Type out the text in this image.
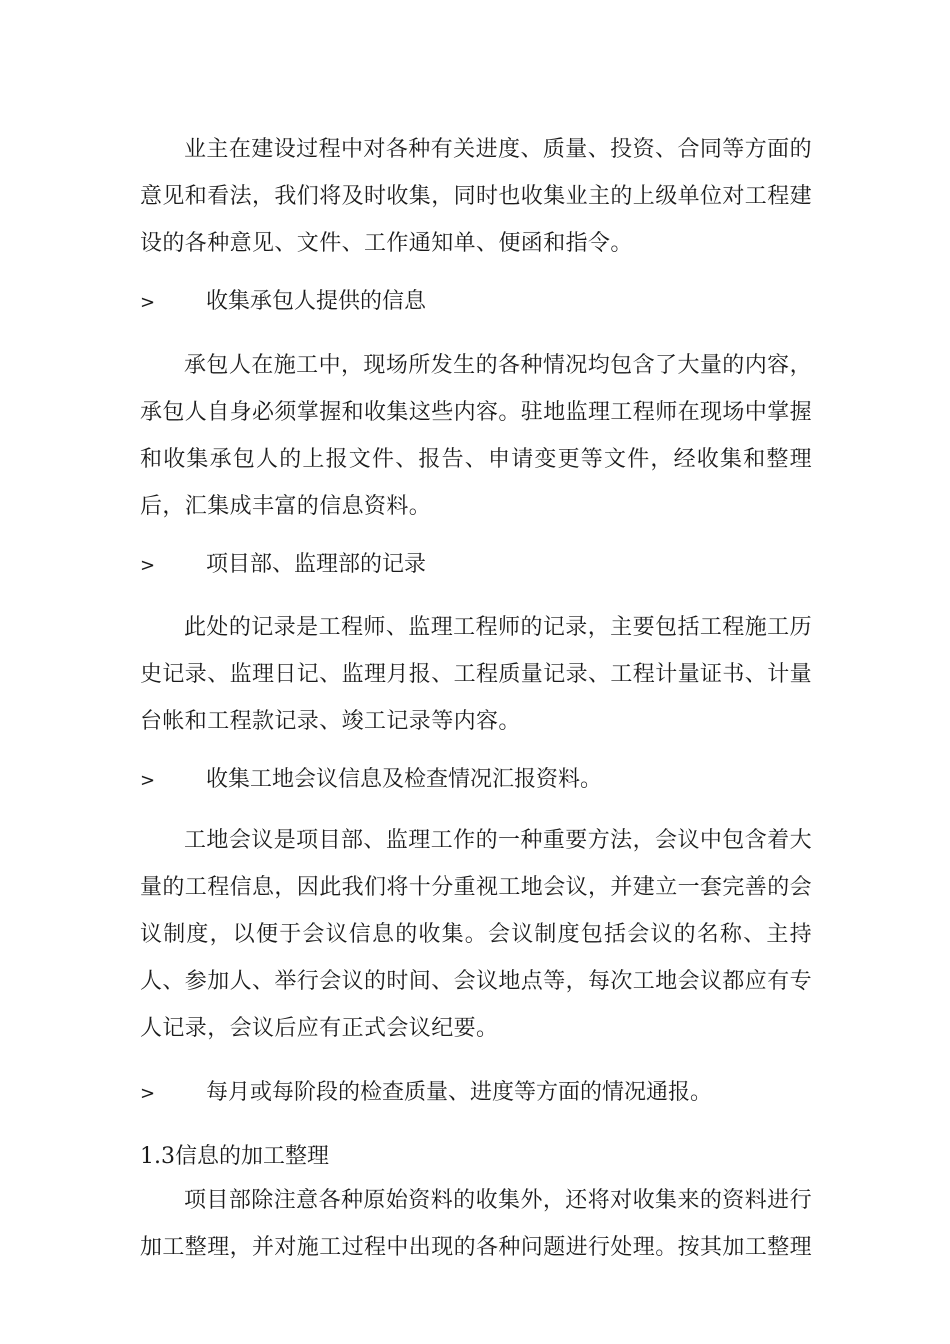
业主在建设过程中对各种有关进度、质量、投资、合同等方面的意见和看法，我们将及时收集，同时也收集业主的上级单位对工程建设的各种意见、文件、工作通知单、便函和指令。

> 收集承包人提供的信息

承包人在施工中，现场所发生的各种情况均包含了大量的内容，承包人自身必须掌握和收集这些内容。驻地监理工程师在现场中掌握和收集承包人的上报文件、报告、申请变更等文件，经收集和整理后，汇集成丰富的信息资料。

> 项目部、监理部的记录

此处的记录是工程师、监理工程师的记录，主要包括工程施工历史记录、监理日记、监理月报、工程质量记录、工程计量证书、计量台帐和工程款记录、竣工记录等内容。

> 收集工地会议信息及检查情况汇报资料。

工地会议是项目部、监理工作的一种重要方法，会议中包含着大量的工程信息，因此我们将十分重视工地会议，并建立一套完善的会议制度，以便于会议信息的收集。会议制度包括会议的名称、主持人、参加人、举行会议的时间、会议地点等，每次工地会议都应有专人记录，会议后应有正式会议纪要。

> 每月或每阶段的检查质量、进度等方面的情况通报。
1.3信息的加工整理

项目部除注意各种原始资料的收集外，还将对收集来的资料进行加工整理，并对施工过程中出现的各种问题进行处理。按其加工整理
